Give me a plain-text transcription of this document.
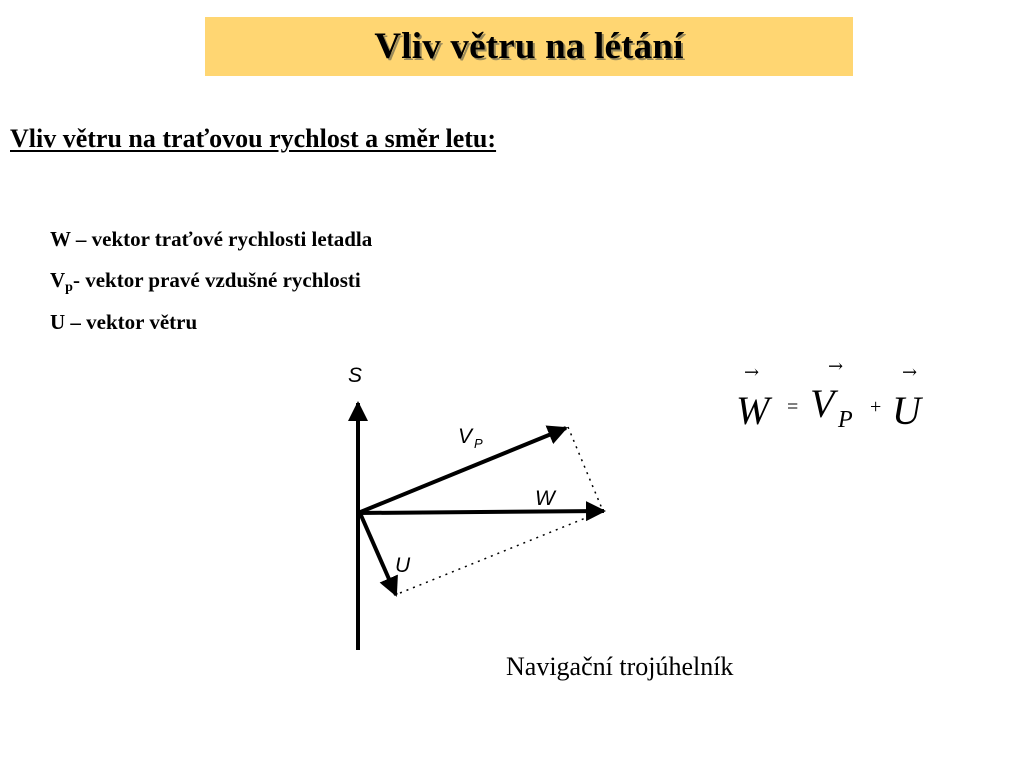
Vliv větru na létání
Vliv větru na traťovou rychlost a směr letu:
W – vektor traťové rychlosti letadla
$V_p-$ vektor pravé vzdušné rychlosti
U – vektor větru
S
V P
W
U
→
W =
→
V P +
→
U
Navigační trojúhelník
